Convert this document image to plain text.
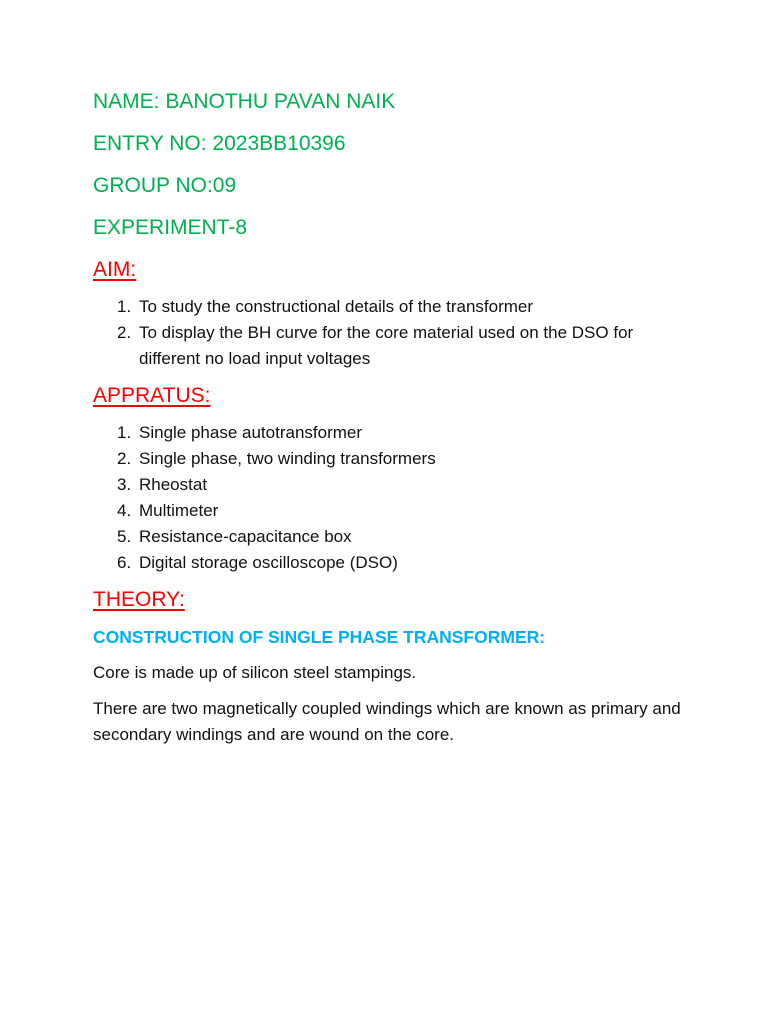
NAME: BANOTHU PAVAN NAIK
ENTRY NO: 2023BB10396
GROUP NO:09
EXPERIMENT-8
AIM:
1. To study the constructional details of the transformer
2. To display the BH curve for the core material used on the DSO for different no load input voltages
APPRATUS:
1. Single phase autotransformer
2. Single phase, two winding transformers
3. Rheostat
4. Multimeter
5. Resistance-capacitance box
6. Digital storage oscilloscope (DSO)
THEORY:
CONSTRUCTION OF SINGLE PHASE TRANSFORMER:

Core is made up of silicon steel stampings.

There are two magnetically coupled windings which are known as primary and secondary windings and are wound on the core.
